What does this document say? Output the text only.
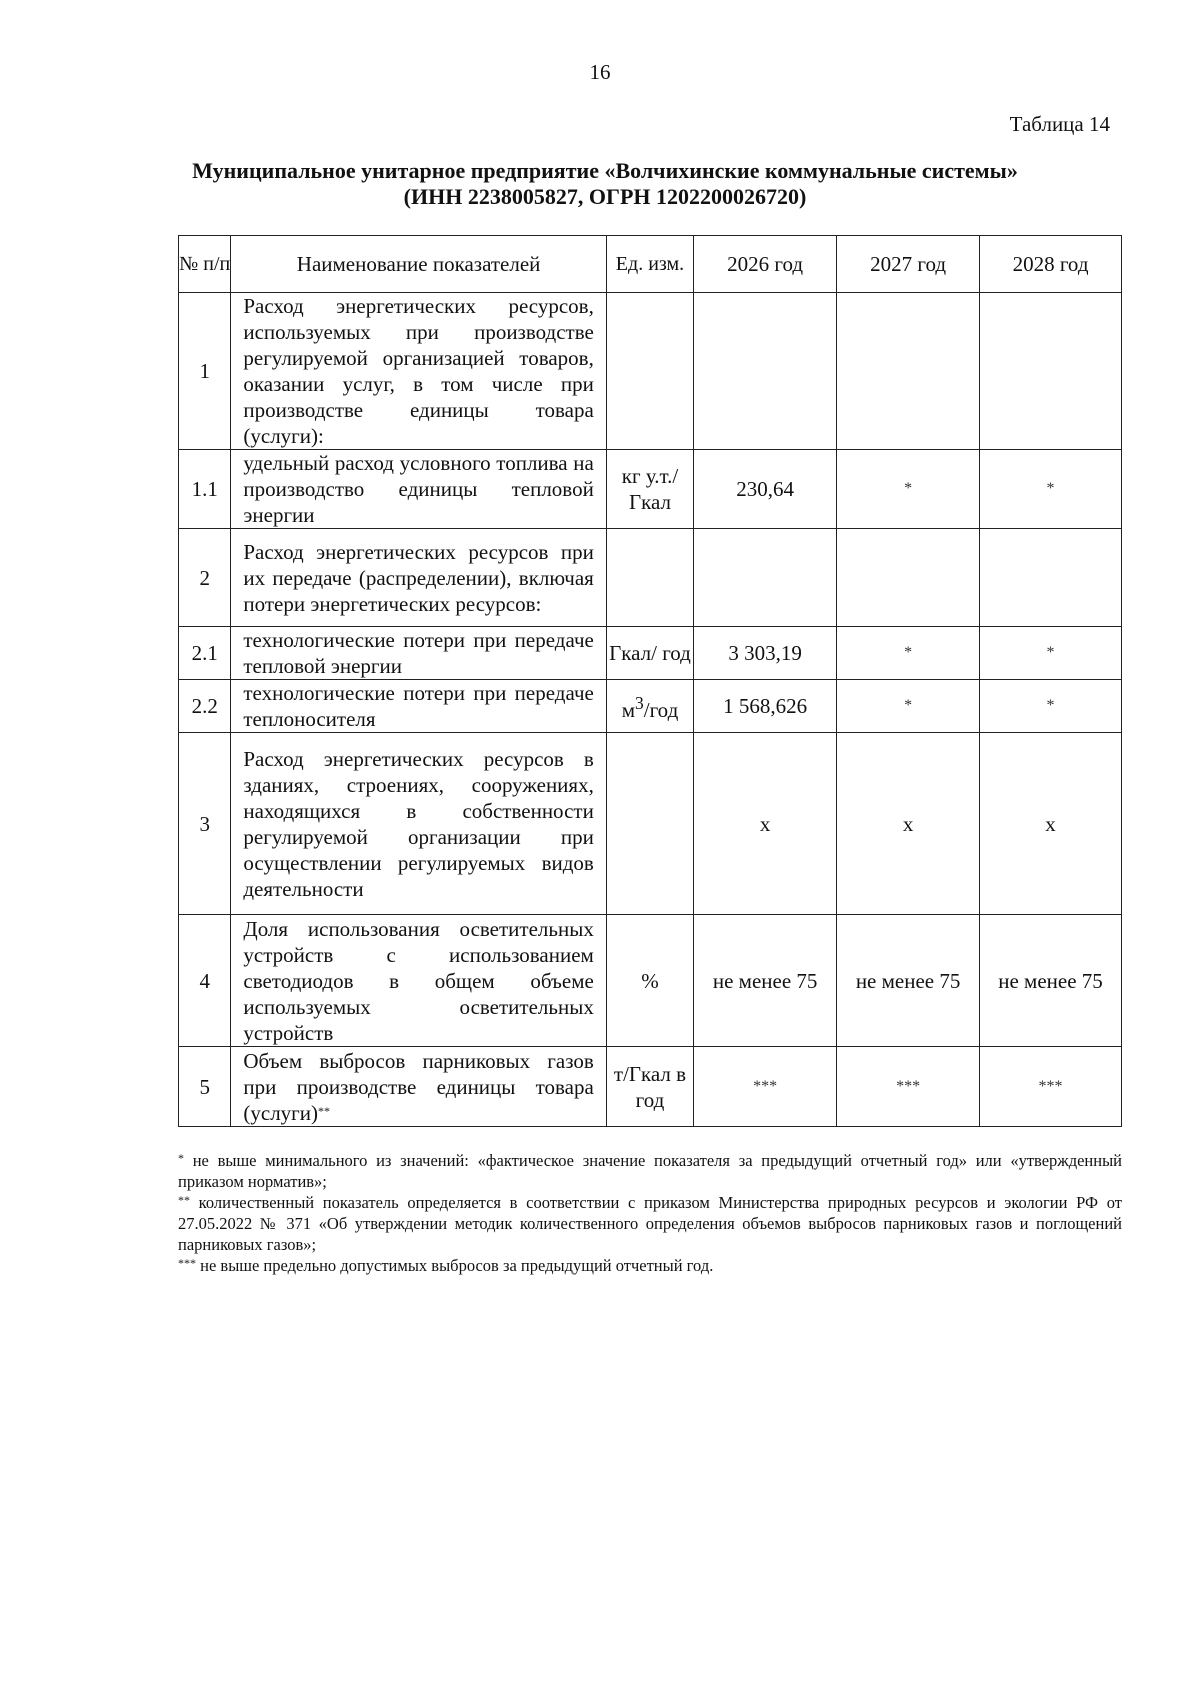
16
Таблица 14
Муниципальное унитарное предприятие «Волчихинские коммунальные системы»
(ИНН 2238005827, ОГРН 1202200026720)
№ п/п	Наименование показателей	Ед. изм.	2026 год	2027 год	2028 год
1	Расход энергетических ресурсов, используемых при производстве регулируемой организацией товаров, оказании услуг, в том числе при производстве единицы товара (услуги):				
1.1	удельный расход условного топлива на производство единицы тепловой энергии	кг у.т./ Гкал	230,64	*	*
2	Расход энергетических ресурсов при их передаче (распределении), включая потери энергетических ресурсов:				
2.1	технологические потери при передаче тепловой энергии	Гкал/ год	3 303,19	*	*
2.2	технологические потери при передаче теплоносителя	$м^3$/год	1 568,626	*	*
3	Расход энергетических ресурсов в зданиях, строениях, сооружениях, находящихся в собственности регулируемой организации при осуществлении регулируемых видов деятельности		х	х	х
4	Доля использования осветительных устройств с использованием светодиодов в общем объеме используемых осветительных устройств	%	не менее 75	не менее 75	не менее 75
5	Объем выбросов парниковых газов при производстве единицы товара (услуги)**	т/Гкал в год	***	***	***

* не выше минимального из значений: «фактическое значение показателя за предыдущий отчетный год» или «утвержденный приказом норматив»;

** количественный показатель определяется в соответствии с приказом Министерства природных ресурсов и экологии РФ от 27.05.2022 № 371 «Об утверждении методик количественного определения объемов выбросов парниковых газов и поглощений парниковых газов»;

*** не выше предельно допустимых выбросов за предыдущий отчетный год.
